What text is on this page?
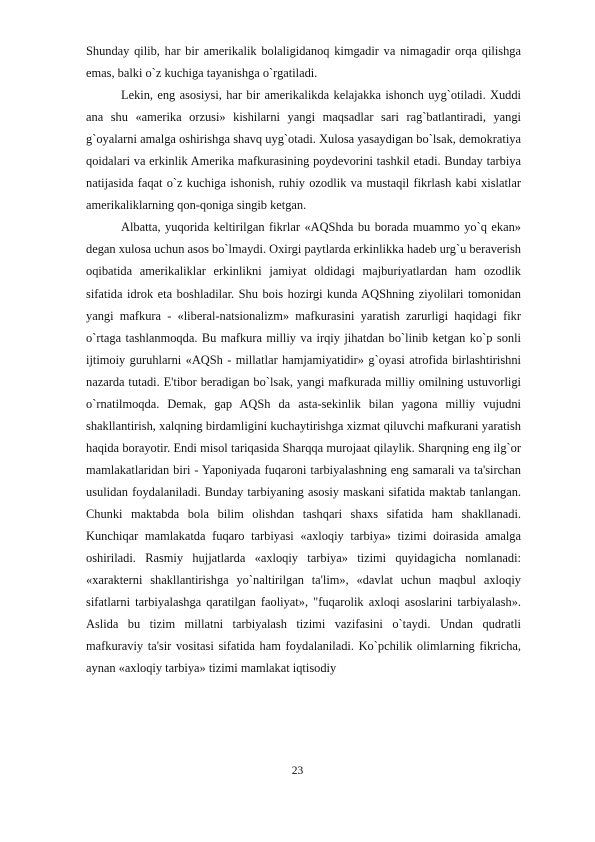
Shunday qilib, har bir amerikalik bolaligidanoq kimgadir va nimagadir orqa qilishga emas, balki o`z kuchiga tayanishga o`rgatiladi.

Lekin, eng asosiysi, har bir amerikalikda kelajakka ishonch uyg`otiladi. Xuddi ana shu «amerika orzusi» kishilarni yangi maqsadlar sari rag`batlantiradi, yangi g`oyalarni amalga oshirishga shavq uyg`otadi. Xulosa yasaydigan bo`lsak, demokratiya qoidalari va erkinlik Amerika mafkurasining poydevorini tashkil etadi. Bunday tarbiya natijasida faqat o`z kuchiga ishonish, ruhiy ozodlik va mustaqil fikrlash kabi xislatlar amerikaliklarning qon-qoniga singib ketgan.

Albatta, yuqorida keltirilgan fikrlar «AQShda bu borada muammo yo`q ekan» degan xulosa uchun asos bo`lmaydi. Oxirgi paytlarda erkinlikka hadeb urg`u beraverish oqibatida amerikaliklar erkinlikni jamiyat oldidagi majburiyatlardan ham ozodlik sifatida idrok eta boshladilar. Shu bois hozirgi kunda AQShning ziyolilari tomonidan yangi mafkura - «liberal-natsionalizm» mafkurasini yaratish zarurligi haqidagi fikr o`rtaga tashlanmoqda. Bu mafkura milliy va irqiy jihatdan bo`linib ketgan ko`p sonli ijtimoiy guruhlarni «AQSh - millatlar hamjamiyatidir» g`oyasi atrofida birlashtirishni nazarda tutadi. E'tibor beradigan bo`lsak, yangi mafkurada milliy omilning ustuvorligi o`rnatilmoqda. Demak, gap AQSh da asta-sekinlik bilan yagona milliy vujudni shakllantirish, xalqning birdamligini kuchaytirishga xizmat qiluvchi mafkurani yaratish haqida borayotir. Endi misol tariqasida Sharqqa murojaat qilaylik. Sharqning eng ilg`or mamlakatlaridan biri - Yaponiyada fuqaroni tarbiyalashning eng samarali va ta'sirchan usulidan foydalaniladi. Bunday tarbiyaning asosiy maskani sifatida maktab tanlangan. Chunki maktabda bola bilim olishdan tashqari shaxs sifatida ham shakllanadi. Kunchiqar mamlakatda fuqaro tarbiyasi «axloqiy tarbiya» tizimi doirasida amalga oshiriladi. Rasmiy hujjatlarda «axloqiy tarbiya» tizimi quyidagicha nomlanadi: «xarakterni shakllantirishga yo`naltirilgan ta'lim», «davlat uchun maqbul axloqiy sifatlarni tarbiyalashga qaratilgan faoliyat», "fuqarolik axloqi asoslarini tarbiyalash». Aslida bu tizim millatni tarbiyalash tizimi vazifasini o`taydi. Undan qudratli mafkuraviy ta'sir vositasi sifatida ham foydalaniladi. Ko`pchilik olimlarning fikricha, aynan «axloqiy tarbiya» tizimi mamlakat iqtisodiy

23
